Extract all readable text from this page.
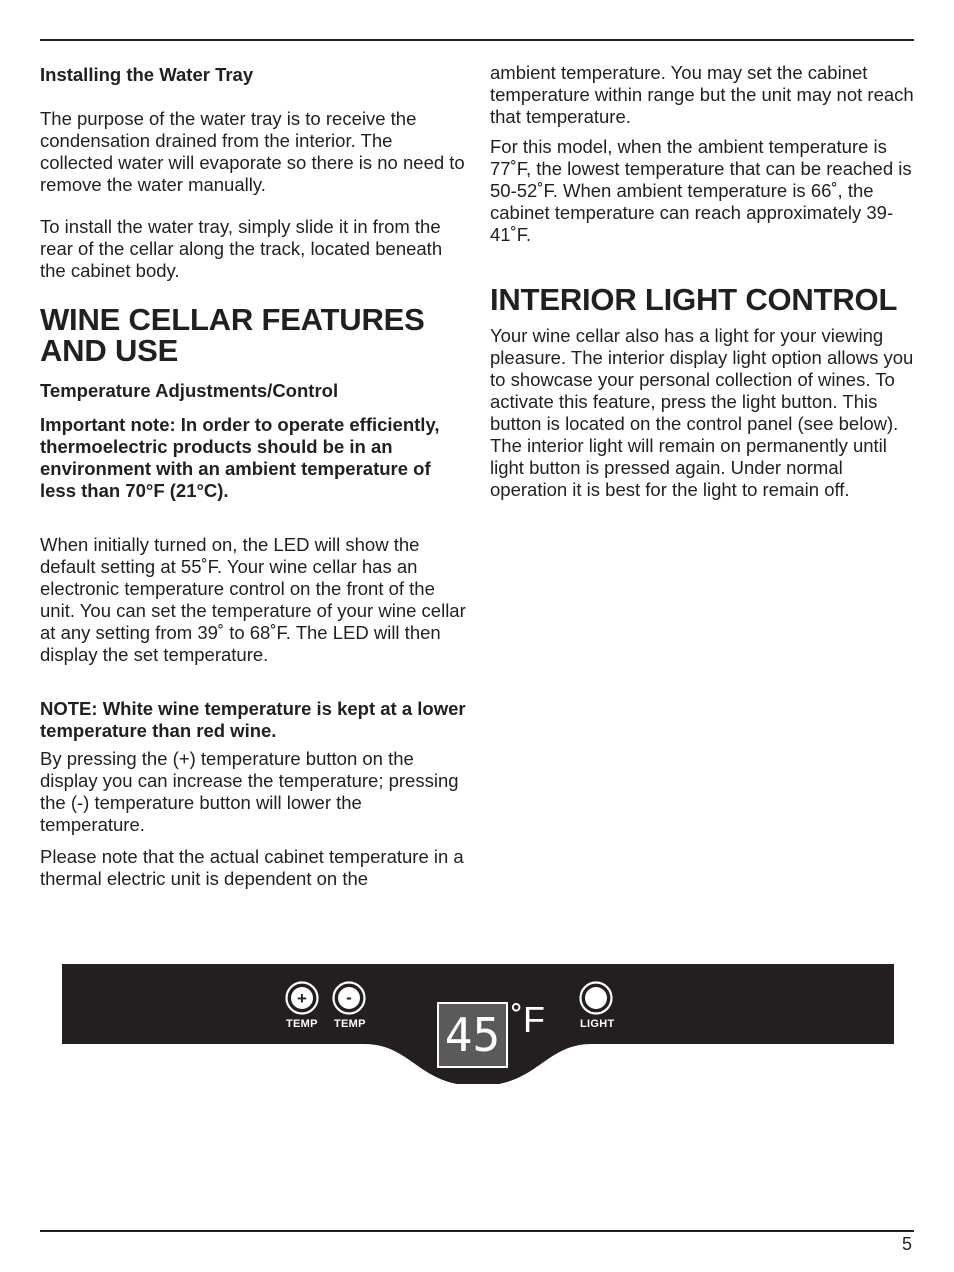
Installing the Water Tray

The purpose of the water tray is to receive the condensation drained from the interior. The collected water will evaporate so there is no need to remove the water manually.

To install the water tray, simply slide it in from the rear of the cellar along the track, located beneath the cabinet body.

WINE CELLAR FEATURES
AND USE

Temperature Adjustments/Control

Important note: In order to operate efficiently, thermoelectric products should be in an environment with an ambient temperature of less than 70°F (21°C).

When initially turned on, the LED will show the default setting at 55˚F. Your wine cellar has an electronic temperature control on the front of the unit. You can set the temperature of your wine cellar at any setting from 39˚ to 68˚F. The LED will then display the set temperature.

NOTE: White wine temperature is kept at a lower temperature than red wine.

By pressing the (+) temperature button on the display you can increase the temperature; pressing the (-) temperature button will lower the temperature.

Please note that the actual cabinet temperature in a thermal electric unit is dependent on the

ambient temperature. You may set the cabinet temperature within range but the unit may not reach that temperature.

For this model, when the ambient temperature is 77˚F, the lowest temperature that can be reached is 50-52˚F. When ambient temperature is 66˚, the cabinet temperature can reach approximately 39-41˚F.

INTERIOR LIGHT CONTROL

Your wine cellar also has a light for your viewing pleasure. The interior display light option allows you to showcase your personal collection of wines. To activate this feature, press the light button. This button is located on the control panel (see below). The interior light will remain on permanently until light button is pressed again. Under normal operation it is best for the light to remain off.

+ -
45 ˚F
TEMP TEMP	LIGHT
5
